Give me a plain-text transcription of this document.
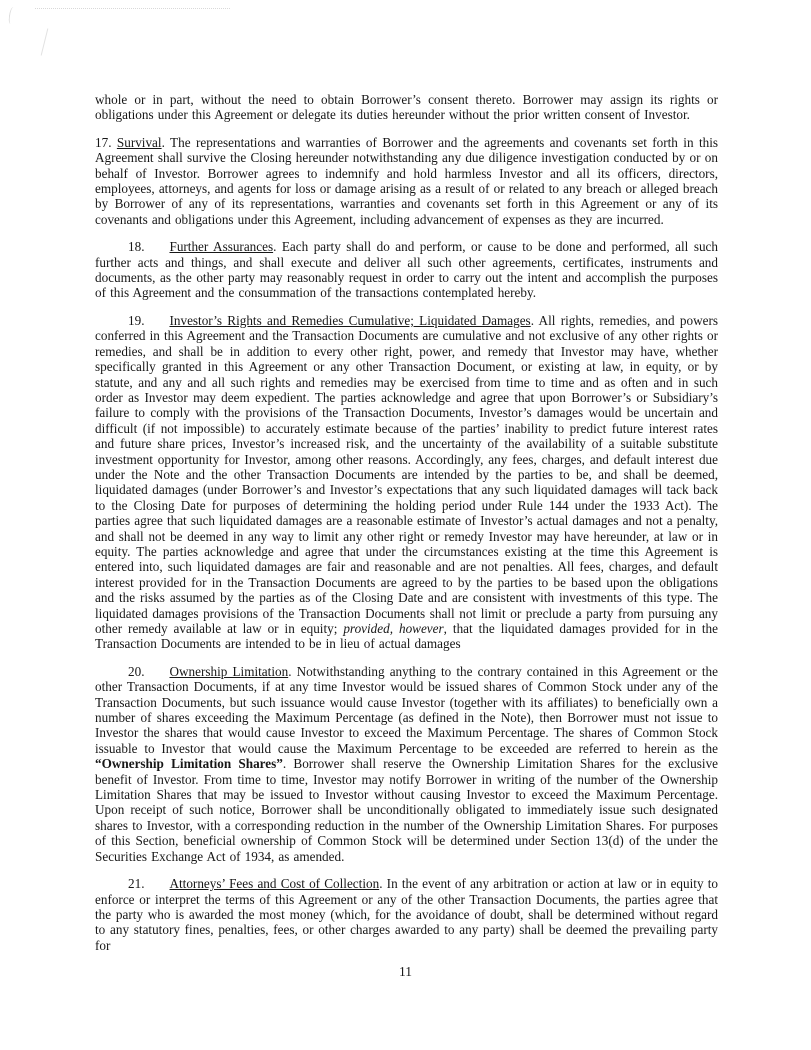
whole or in part, without the need to obtain Borrower’s consent thereto. Borrower may assign its rights or obligations under this Agreement or delegate its duties hereunder without the prior written consent of Investor.

17. Survival. The representations and warranties of Borrower and the agreements and covenants set forth in this Agreement shall survive the Closing hereunder notwithstanding any due diligence investigation conducted by or on behalf of Investor. Borrower agrees to indemnify and hold harmless Investor and all its officers, directors, employees, attorneys, and agents for loss or damage arising as a result of or related to any breach or alleged breach by Borrower of any of its representations, warranties and covenants set forth in this Agreement or any of its covenants and obligations under this Agreement, including advancement of expenses as they are incurred.

18. Further Assurances. Each party shall do and perform, or cause to be done and performed, all such further acts and things, and shall execute and deliver all such other agreements, certificates, instruments and documents, as the other party may reasonably request in order to carry out the intent and accomplish the purposes of this Agreement and the consummation of the transactions contemplated hereby.

19. Investor’s Rights and Remedies Cumulative; Liquidated Damages. All rights, remedies, and powers conferred in this Agreement and the Transaction Documents are cumulative and not exclusive of any other rights or remedies, and shall be in addition to every other right, power, and remedy that Investor may have, whether specifically granted in this Agreement or any other Transaction Document, or existing at law, in equity, or by statute, and any and all such rights and remedies may be exercised from time to time and as often and in such order as Investor may deem expedient. The parties acknowledge and agree that upon Borrower’s or Subsidiary’s failure to comply with the provisions of the Transaction Documents, Investor’s damages would be uncertain and difficult (if not impossible) to accurately estimate because of the parties’ inability to predict future interest rates and future share prices, Investor’s increased risk, and the uncertainty of the availability of a suitable substitute investment opportunity for Investor, among other reasons. Accordingly, any fees, charges, and default interest due under the Note and the other Transaction Documents are intended by the parties to be, and shall be deemed, liquidated damages (under Borrower’s and Investor’s expectations that any such liquidated damages will tack back to the Closing Date for purposes of determining the holding period under Rule 144 under the 1933 Act). The parties agree that such liquidated damages are a reasonable estimate of Investor’s actual damages and not a penalty, and shall not be deemed in any way to limit any other right or remedy Investor may have hereunder, at law or in equity. The parties acknowledge and agree that under the circumstances existing at the time this Agreement is entered into, such liquidated damages are fair and reasonable and are not penalties. All fees, charges, and default interest provided for in the Transaction Documents are agreed to by the parties to be based upon the obligations and the risks assumed by the parties as of the Closing Date and are consistent with investments of this type. The liquidated damages provisions of the Transaction Documents shall not limit or preclude a party from pursuing any other remedy available at law or in equity; provided, however, that the liquidated damages provided for in the Transaction Documents are intended to be in lieu of actual damages

20. Ownership Limitation. Notwithstanding anything to the contrary contained in this Agreement or the other Transaction Documents, if at any time Investor would be issued shares of Common Stock under any of the Transaction Documents, but such issuance would cause Investor (together with its affiliates) to beneficially own a number of shares exceeding the Maximum Percentage (as defined in the Note), then Borrower must not issue to Investor the shares that would cause Investor to exceed the Maximum Percentage. The shares of Common Stock issuable to Investor that would cause the Maximum Percentage to be exceeded are referred to herein as the “Ownership Limitation Shares”. Borrower shall reserve the Ownership Limitation Shares for the exclusive benefit of Investor. From time to time, Investor may notify Borrower in writing of the number of the Ownership Limitation Shares that may be issued to Investor without causing Investor to exceed the Maximum Percentage. Upon receipt of such notice, Borrower shall be unconditionally obligated to immediately issue such designated shares to Investor, with a corresponding reduction in the number of the Ownership Limitation Shares. For purposes of this Section, beneficial ownership of Common Stock will be determined under Section 13(d) of the under the Securities Exchange Act of 1934, as amended.

21. Attorneys’ Fees and Cost of Collection. In the event of any arbitration or action at law or in equity to enforce or interpret the terms of this Agreement or any of the other Transaction Documents, the parties agree that the party who is awarded the most money (which, for the avoidance of doubt, shall be determined without regard to any statutory fines, penalties, fees, or other charges awarded to any party) shall be deemed the prevailing party for

11
